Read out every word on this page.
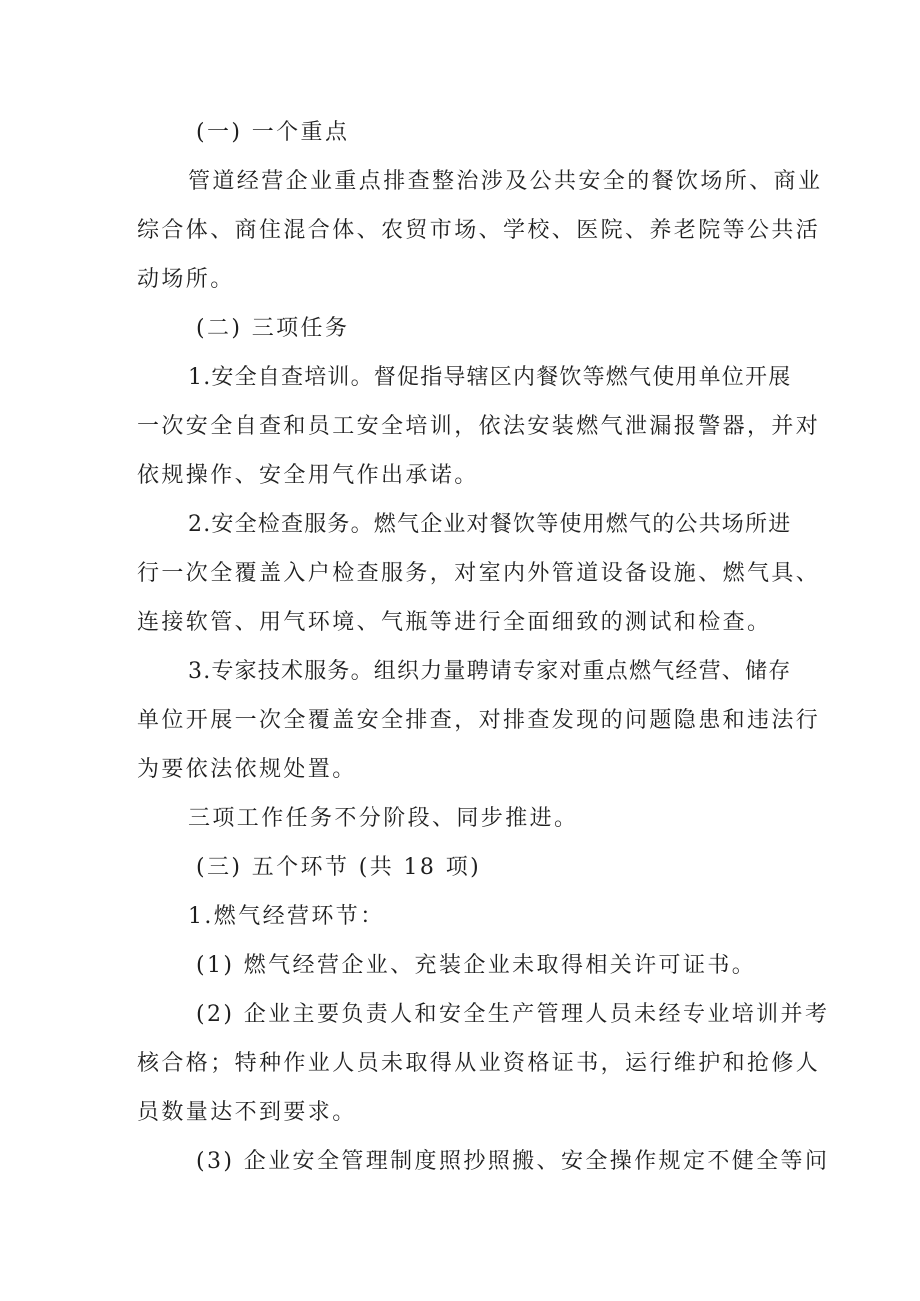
(一) 一个重点

管道经营企业重点排查整治涉及公共安全的餐饮场所、商业

综合体、商住混合体、农贸市场、学校、医院、养老院等公共活

动场所。

(二) 三项任务

1.安全自查培训。督促指导辖区内餐饮等燃气使用单位开展

一次安全自查和员工安全培训，依法安装燃气泄漏报警器，并对

依规操作、安全用气作出承诺。

2.安全检查服务。燃气企业对餐饮等使用燃气的公共场所进

行一次全覆盖入户检查服务，对室内外管道设备设施、燃气具、

连接软管、用气环境、气瓶等进行全面细致的测试和检查。

3.专家技术服务。组织力量聘请专家对重点燃气经营、储存

单位开展一次全覆盖安全排查，对排查发现的问题隐患和违法行

为要依法依规处置。

三项工作任务不分阶段、同步推进。

(三) 五个环节 (共 18 项)

1.燃气经营环节：

(1) 燃气经营企业、充装企业未取得相关许可证书。

(2) 企业主要负责人和安全生产管理人员未经专业培训并考

核合格；特种作业人员未取得从业资格证书，运行维护和抢修人

员数量达不到要求。

(3) 企业安全管理制度照抄照搬、安全操作规定不健全等问
